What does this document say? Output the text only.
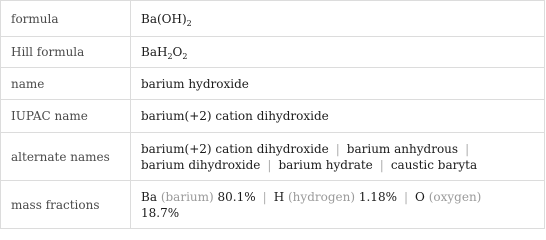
formula	$Ba(OH)_2$
Hill formula	$BaH_2O_2$
name	barium hydroxide
IUPAC name	barium(+2) cation dihydroxide
alternate names	barium(+2) cation dihydroxide | barium anhydrous |
barium dihydroxide | barium hydrate | caustic baryta
mass fractions	Ba (barium) 80.1% | H (hydrogen) 1.18% | O (oxygen)
18.7%
